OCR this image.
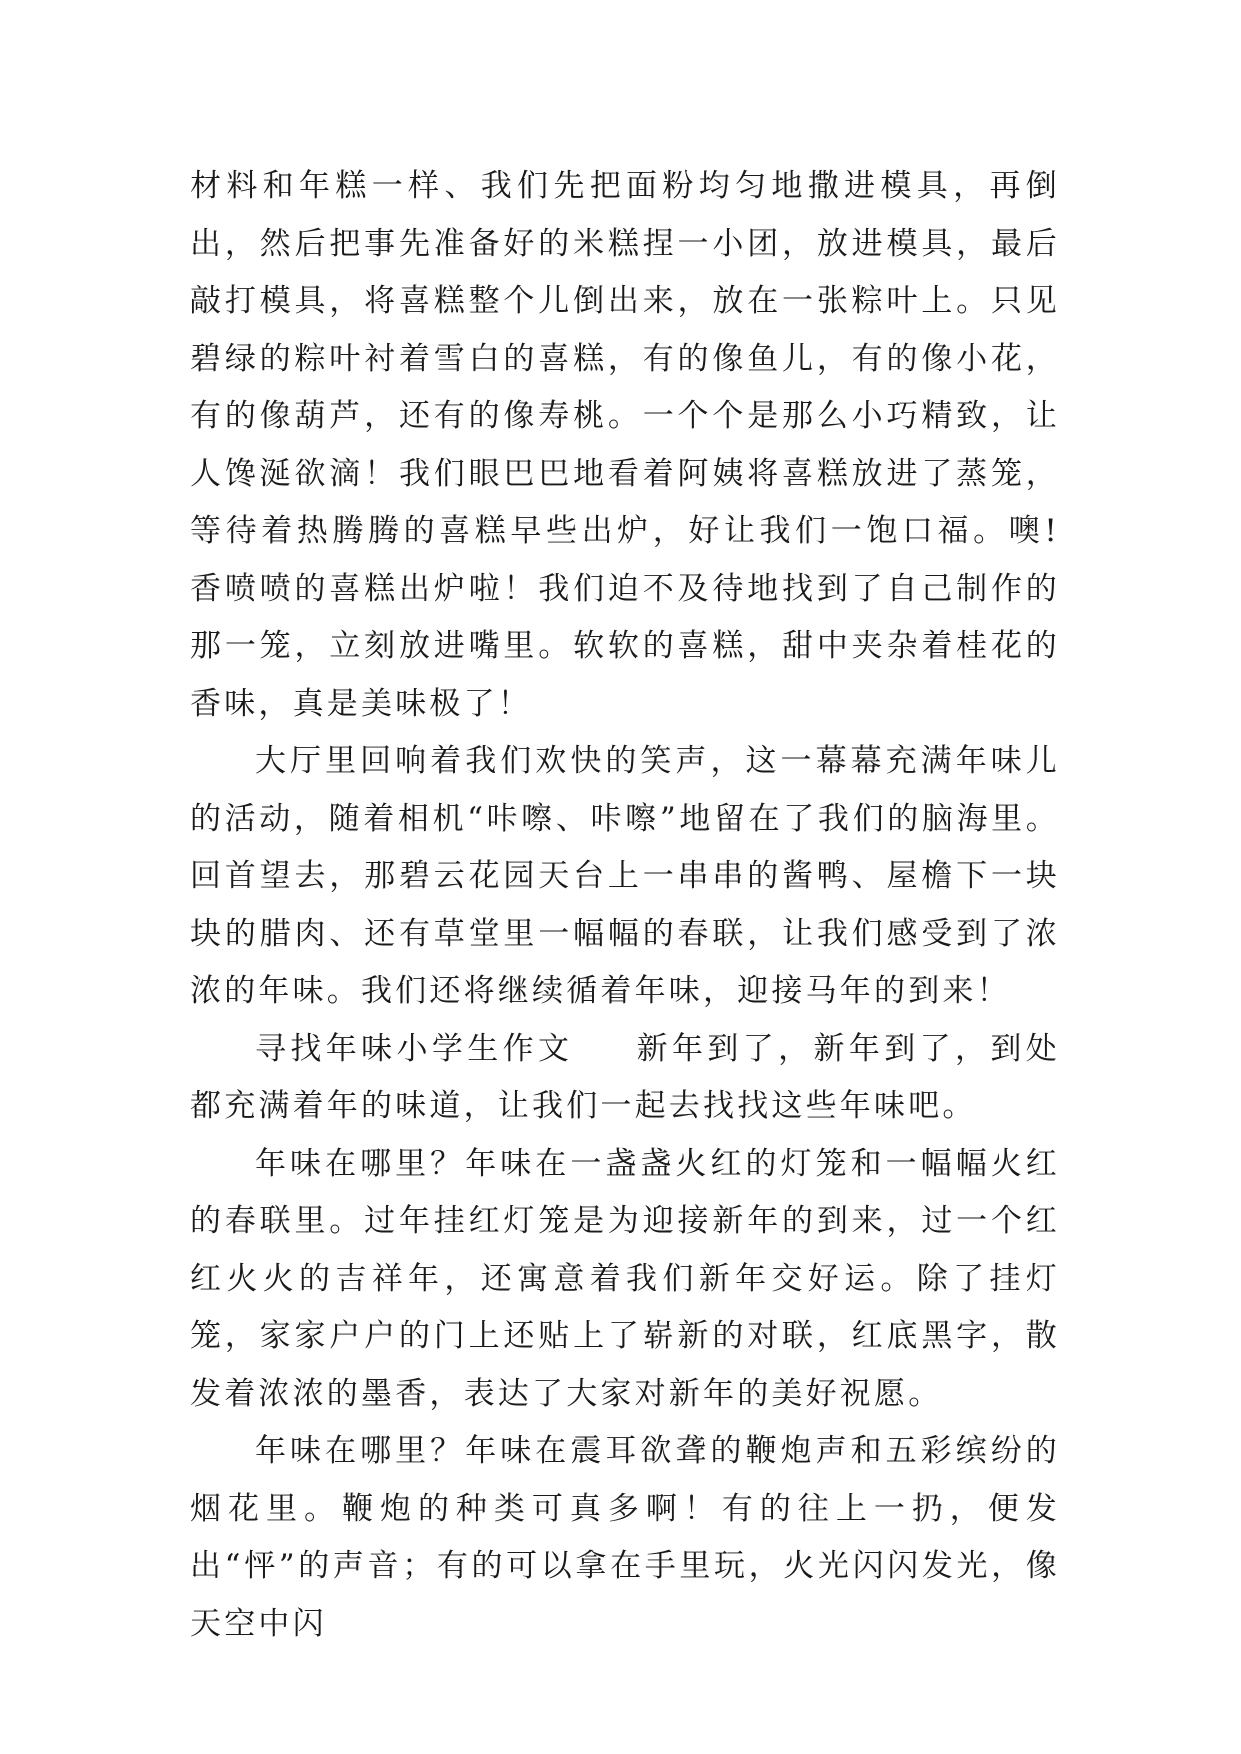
材料和年糕一样、我们先把面粉均匀地撒进模具，再倒出，然后把事先准备好的米糕捏一小团，放进模具，最后敲打模具，将喜糕整个儿倒出来，放在一张粽叶上。只见碧绿的粽叶衬着雪白的喜糕，有的像鱼儿，有的像小花，有的像葫芦，还有的像寿桃。一个个是那么小巧精致，让人馋涎欲滴！我们眼巴巴地看着阿姨将喜糕放进了蒸笼，等待着热腾腾的喜糕早些出炉，好让我们一饱口福。噢!香喷喷的喜糕出炉啦！我们迫不及待地找到了自己制作的那一笼，立刻放进嘴里。软软的喜糕，甜中夹杂着桂花的香味，真是美味极了！

大厅里回响着我们欢快的笑声，这一幕幕充满年味儿的活动，随着相机“咔嚓、咔嚓”地留在了我们的脑海里。回首望去，那碧云花园天台上一串串的酱鸭、屋檐下一块块的腊肉、还有草堂里一幅幅的春联，让我们感受到了浓浓的年味。我们还将继续循着年味，迎接马年的到来！

寻找年味小学生作文 新年到了，新年到了，到处都充满着年的味道，让我们一起去找找这些年味吧。

年味在哪里？年味在一盏盏火红的灯笼和一幅幅火红的春联里。过年挂红灯笼是为迎接新年的到来，过一个红红火火的吉祥年，还寓意着我们新年交好运。除了挂灯笼，家家户户的门上还贴上了崭新的对联，红底黑字，散发着浓浓的墨香，表达了大家对新年的美好祝愿。

年味在哪里？年味在震耳欲聋的鞭炮声和五彩缤纷的烟花里。鞭炮的种类可真多啊！有的往上一扔，便发出“怦”的声音；有的可以拿在手里玩，火光闪闪发光，像天空中闪
